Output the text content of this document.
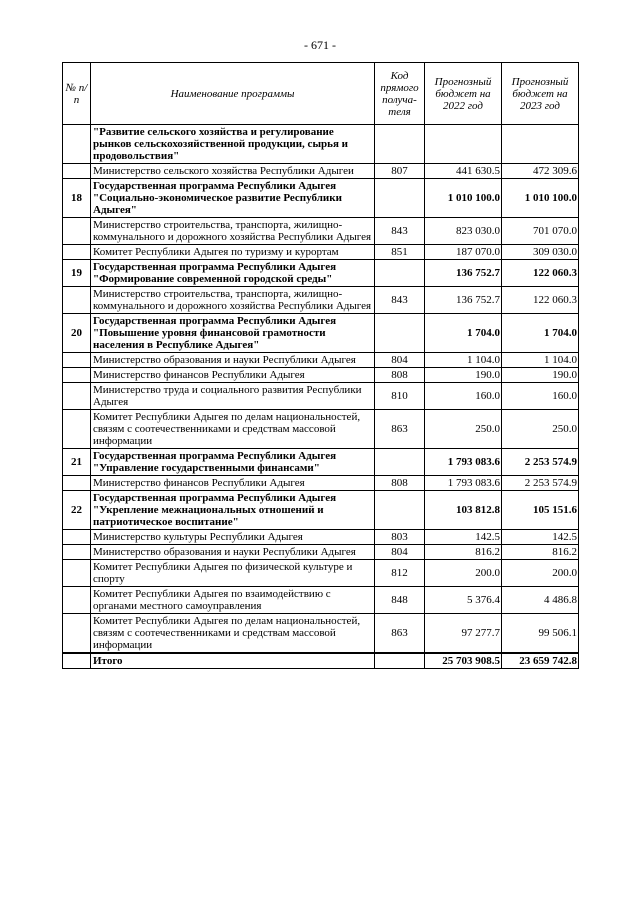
- 671 -
№ п/п	Наименование программы	Код прямого получа-теля	Прогнозный бюджет на 2022 год	Прогнозный бюджет на 2023 год
	"Развитие сельского хозяйства и регулирование рынков сельскохозяйственной продукции, сырья и продовольствия"			
	Министерство сельского хозяйства Республики Адыгеи	807	441 630.5	472 309.6
18	Государственная программа Республики Адыгея "Социально-экономическое развитие Республики Адыгея"		1 010 100.0	1 010 100.0
	Министерство строительства, транспорта, жилищно-коммунального и дорожного хозяйства Республики Адыгея	843	823 030.0	701 070.0
	Комитет Республики Адыгея по туризму и курортам	851	187 070.0	309 030.0
19	Государственная программа Республики Адыгея "Формирование современной городской среды"		136 752.7	122 060.3
	Министерство строительства, транспорта, жилищно-коммунального и дорожного хозяйства Республики Адыгея	843	136 752.7	122 060.3
20	Государственная программа Республики Адыгея "Повышение уровня финансовой грамотности населения в Республике Адыгея"		1 704.0	1 704.0
	Министерство образования и науки Республики Адыгея	804	1 104.0	1 104.0
	Министерство финансов Республики Адыгея	808	190.0	190.0
	Министерство труда и социального развития Республики Адыгея	810	160.0	160.0
	Комитет Республики Адыгея по делам национальностей, связям с соотечественниками и средствам массовой информации	863	250.0	250.0
21	Государственная программа Республики Адыгея "Управление государственными финансами"		1 793 083.6	2 253 574.9
	Министерство финансов Республики Адыгея	808	1 793 083.6	2 253 574.9
22	Государственная программа Республики Адыгея "Укрепление межнациональных отношений и патриотическое воспитание"		103 812.8	105 151.6
	Министерство культуры Республики Адыгея	803	142.5	142.5
	Министерство образования и науки Республики Адыгея	804	816.2	816.2
	Комитет Республики Адыгея по физической культуре и спорту	812	200.0	200.0
	Комитет Республики Адыгея по взаимодействию с органами местного самоуправления	848	5 376.4	4 486.8
	Комитет Республики Адыгея по делам национальностей, связям с соотечественниками и средствам массовой информации	863	97 277.7	99 506.1
	Итого		25 703 908.5	23 659 742.8
